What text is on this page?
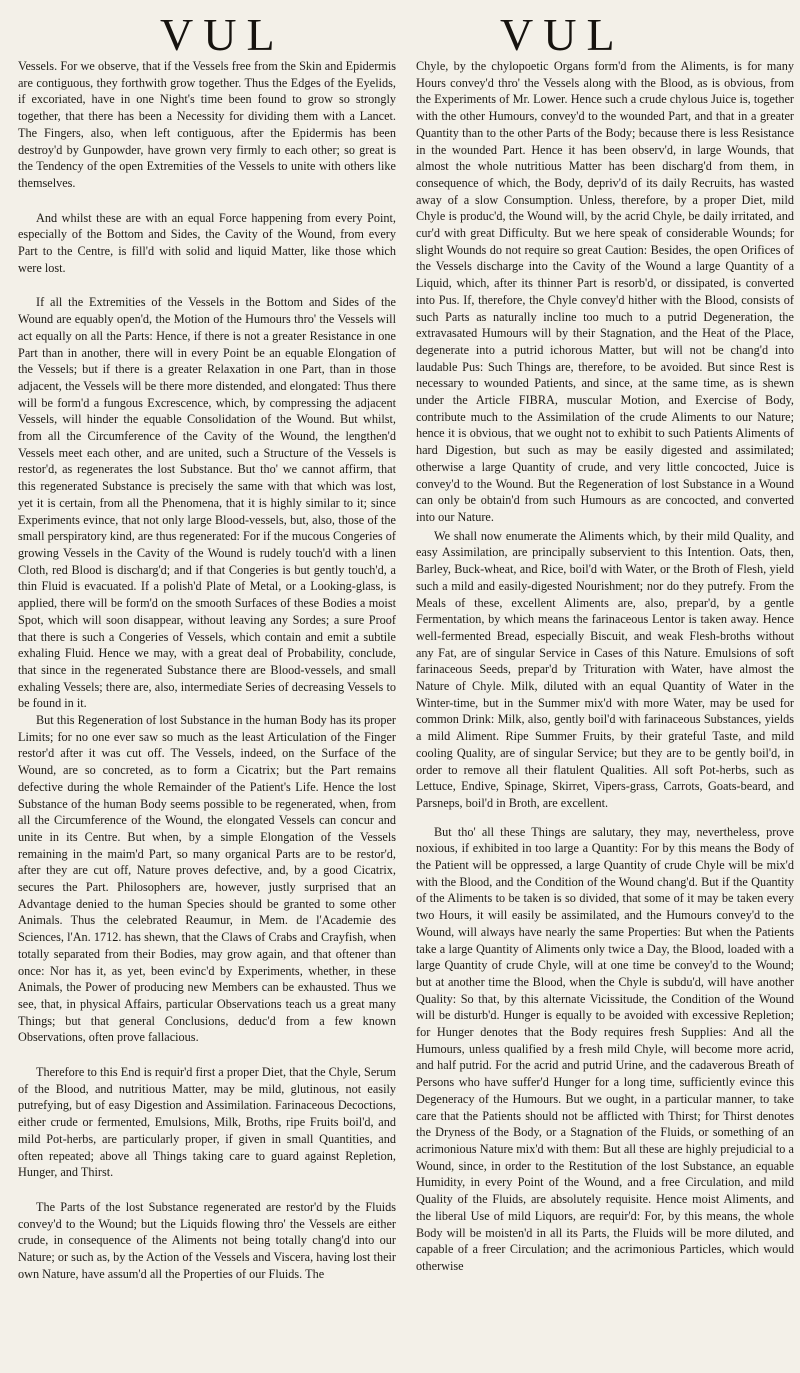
VUL	VUL

Vessels. For we observe, that if the Vessels free from the Skin and Epidermis are contiguous, they forthwith grow together. Thus the Edges of the Eyelids, if excoriated, have in one Night's time been found to grow so strongly together, that there has been a Necessity for dividing them with a Lancet. The Fingers, also, when left contiguous, after the Epidermis has been destroy'd by Gunpowder, have grown very firmly to each other; so great is the Tendency of the open Extremities of the Vessels to unite with others like themselves.

And whilst these are with an equal Force happening from every Point, especially of the Bottom and Sides, the Cavity of the Wound, from every Part to the Centre, is fill'd with solid and liquid Matter, like those which were lost.

If all the Extremities of the Vessels in the Bottom and Sides of the Wound are equably open'd, the Motion of the Humours thro' the Vessels will act equally on all the Parts: Hence, if there is not a greater Resistance in one Part than in another, there will in every Point be an equable Elongation of the Vessels; but if there is a greater Relaxation in one Part, than in those adjacent, the Vessels will be there more distended, and elongated: Thus there will be form'd a fungous Excrescence, which, by compressing the adjacent Vessels, will hinder the equable Consolidation of the Wound. But whilst, from all the Circumference of the Cavity of the Wound, the lengthen'd Vessels meet each other, and are united, such a Structure of the Vessels is restor'd, as regenerates the lost Substance. But tho' we cannot affirm, that this regenerated Substance is precisely the same with that which was lost, yet it is certain, from all the Phenomena, that it is highly similar to it; since Experiments evince, that not only large Blood-vessels, but, also, those of the small perspiratory kind, are thus regenerated: For if the mucous Congeries of growing Vessels in the Cavity of the Wound is rudely touch'd with a linen Cloth, red Blood is discharg'd; and if that Congeries is but gently touch'd, a thin Fluid is evacuated. If a polish'd Plate of Metal, or a Looking-glass, is applied, there will be form'd on the smooth Surfaces of these Bodies a moist Spot, which will soon disappear, without leaving any Sordes; a sure Proof that there is such a Congeries of Vessels, which contain and emit a subtile exhaling Fluid. Hence we may, with a great deal of Probability, conclude, that since in the regenerated Substance there are Blood-vessels, and small exhaling Vessels; there are, also, intermediate Series of decreasing Vessels to be found in it.

But this Regeneration of lost Substance in the human Body has its proper Limits; for no one ever saw so much as the least Articulation of the Finger restor'd after it was cut off. The Vessels, indeed, on the Surface of the Wound, are so concreted, as to form a Cicatrix; but the Part remains defective during the whole Remainder of the Patient's Life. Hence the lost Substance of the human Body seems possible to be regenerated, when, from all the Circumference of the Wound, the elongated Vessels can concur and unite in its Centre. But when, by a simple Elongation of the Vessels remaining in the maim'd Part, so many organical Parts are to be restor'd, after they are cut off, Nature proves defective, and, by a good Cicatrix, secures the Part. Philosophers are, however, justly surprised that an Advantage denied to the human Species should be granted to some other Animals. Thus the celebrated Reaumur, in Mem. de l'Academie des Sciences, l'An. 1712. has shewn, that the Claws of Crabs and Crayfish, when totally separated from their Bodies, may grow again, and that oftener than once: Nor has it, as yet, been evinc'd by Experiments, whether, in these Animals, the Power of producing new Members can be exhausted. Thus we see, that, in physical Affairs, particular Observations teach us a great many Things; but that general Conclusions, deduc'd from a few known Observations, often prove fallacious.

Therefore to this End is requir'd first a proper Diet, that the Chyle, Serum of the Blood, and nutritious Matter, may be mild, glutinous, not easily putrefying, but of easy Digestion and Assimilation. Farinaceous Decoctions, either crude or fermented, Emulsions, Milk, Broths, ripe Fruits boil'd, and mild Pot-herbs, are particularly proper, if given in small Quantities, and often repeated; above all Things taking care to guard against Repletion, Hunger, and Thirst.

The Parts of the lost Substance regenerated are restor'd by the Fluids convey'd to the Wound; but the Liquids flowing thro' the Vessels are either crude, in consequence of the Aliments not being totally chang'd into our Nature; or such as, by the Action of the Vessels and Viscera, having lost their own Nature, have assum'd all the Properties of our Fluids. The

Chyle, by the chylopoetic Organs form'd from the Aliments, is for many Hours convey'd thro' the Vessels along with the Blood, as is obvious, from the Experiments of Mr. Lower. Hence such a crude chylous Juice is, together with the other Humours, convey'd to the wounded Part, and that in a greater Quantity than to the other Parts of the Body; because there is less Resistance in the wounded Part. Hence it has been observ'd, in large Wounds, that almost the whole nutritious Matter has been discharg'd from them, in consequence of which, the Body, depriv'd of its daily Recruits, has wasted away of a slow Consumption. Unless, therefore, by a proper Diet, mild Chyle is produc'd, the Wound will, by the acrid Chyle, be daily irritated, and cur'd with great Difficulty. But we here speak of considerable Wounds; for slight Wounds do not require so great Caution: Besides, the open Orifices of the Vessels discharge into the Cavity of the Wound a large Quantity of a Liquid, which, after its thinner Part is resorb'd, or dissipated, is converted into Pus. If, therefore, the Chyle convey'd hither with the Blood, consists of such Parts as naturally incline too much to a putrid Degeneration, the extravasated Humours will by their Stagnation, and the Heat of the Place, degenerate into a putrid ichorous Matter, but will not be chang'd into laudable Pus: Such Things are, therefore, to be avoided. But since Rest is necessary to wounded Patients, and since, at the same time, as is shewn under the Article FIBRA, muscular Motion, and Exercise of Body, contribute much to the Assimilation of the crude Aliments to our Nature; hence it is obvious, that we ought not to exhibit to such Patients Aliments of hard Digestion, but such as may be easily digested and assimilated; otherwise a large Quantity of crude, and very little concocted, Juice is convey'd to the Wound. But the Regeneration of lost Substance in a Wound can only be obtain'd from such Humours as are concocted, and converted into our Nature.

We shall now enumerate the Aliments which, by their mild Quality, and easy Assimilation, are principally subservient to this Intention. Oats, then, Barley, Buck-wheat, and Rice, boil'd with Water, or the Broth of Flesh, yield such a mild and easily-digested Nourishment; nor do they putrefy. From the Meals of these, excellent Aliments are, also, prepar'd, by a gentle Fermentation, by which means the farinaceous Lentor is taken away. Hence well-fermented Bread, especially Biscuit, and weak Flesh-broths without any Fat, are of singular Service in Cases of this Nature. Emulsions of soft farinaceous Seeds, prepar'd by Trituration with Water, have almost the Nature of Chyle. Milk, diluted with an equal Quantity of Water in the Winter-time, but in the Summer mix'd with more Water, may be used for common Drink: Milk, also, gently boil'd with farinaceous Substances, yields a mild Aliment. Ripe Summer Fruits, by their grateful Taste, and mild cooling Quality, are of singular Service; but they are to be gently boil'd, in order to remove all their flatulent Qualities. All soft Pot-herbs, such as Lettuce, Endive, Spinage, Skirret, Vipers-grass, Carrots, Goats-beard, and Parsneps, boil'd in Broth, are excellent.

But tho' all these Things are salutary, they may, nevertheless, prove noxious, if exhibited in too large a Quantity: For by this means the Body of the Patient will be oppressed, a large Quantity of crude Chyle will be mix'd with the Blood, and the Condition of the Wound chang'd. But if the Quantity of the Aliments to be taken is so divided, that some of it may be taken every two Hours, it will easily be assimilated, and the Humours convey'd to the Wound, will always have nearly the same Properties: But when the Patients take a large Quantity of Aliments only twice a Day, the Blood, loaded with a large Quantity of crude Chyle, will at one time be convey'd to the Wound; but at another time the Blood, when the Chyle is subdu'd, will have another Quality: So that, by this alternate Vicissitude, the Condition of the Wound will be disturb'd. Hunger is equally to be avoided with excessive Repletion; for Hunger denotes that the Body requires fresh Supplies: And all the Humours, unless qualified by a fresh mild Chyle, will become more acrid, and half putrid. For the acrid and putrid Urine, and the cadaverous Breath of Persons who have suffer'd Hunger for a long time, sufficiently evince this Degeneracy of the Humours. But we ought, in a particular manner, to take care that the Patients should not be afflicted with Thirst; for Thirst denotes the Dryness of the Body, or a Stagnation of the Fluids, or something of an acrimonious Nature mix'd with them: But all these are highly prejudicial to a Wound, since, in order to the Restitution of the lost Substance, an equable Humidity, in every Point of the Wound, and a free Circulation, and mild Quality of the Fluids, are absolutely requisite. Hence moist Aliments, and the liberal Use of mild Liquors, are requir'd: For, by this means, the whole Body will be moisten'd in all its Parts, the Fluids will be more diluted, and capable of a freer Circulation; and the acrimonious Particles, which would otherwise
